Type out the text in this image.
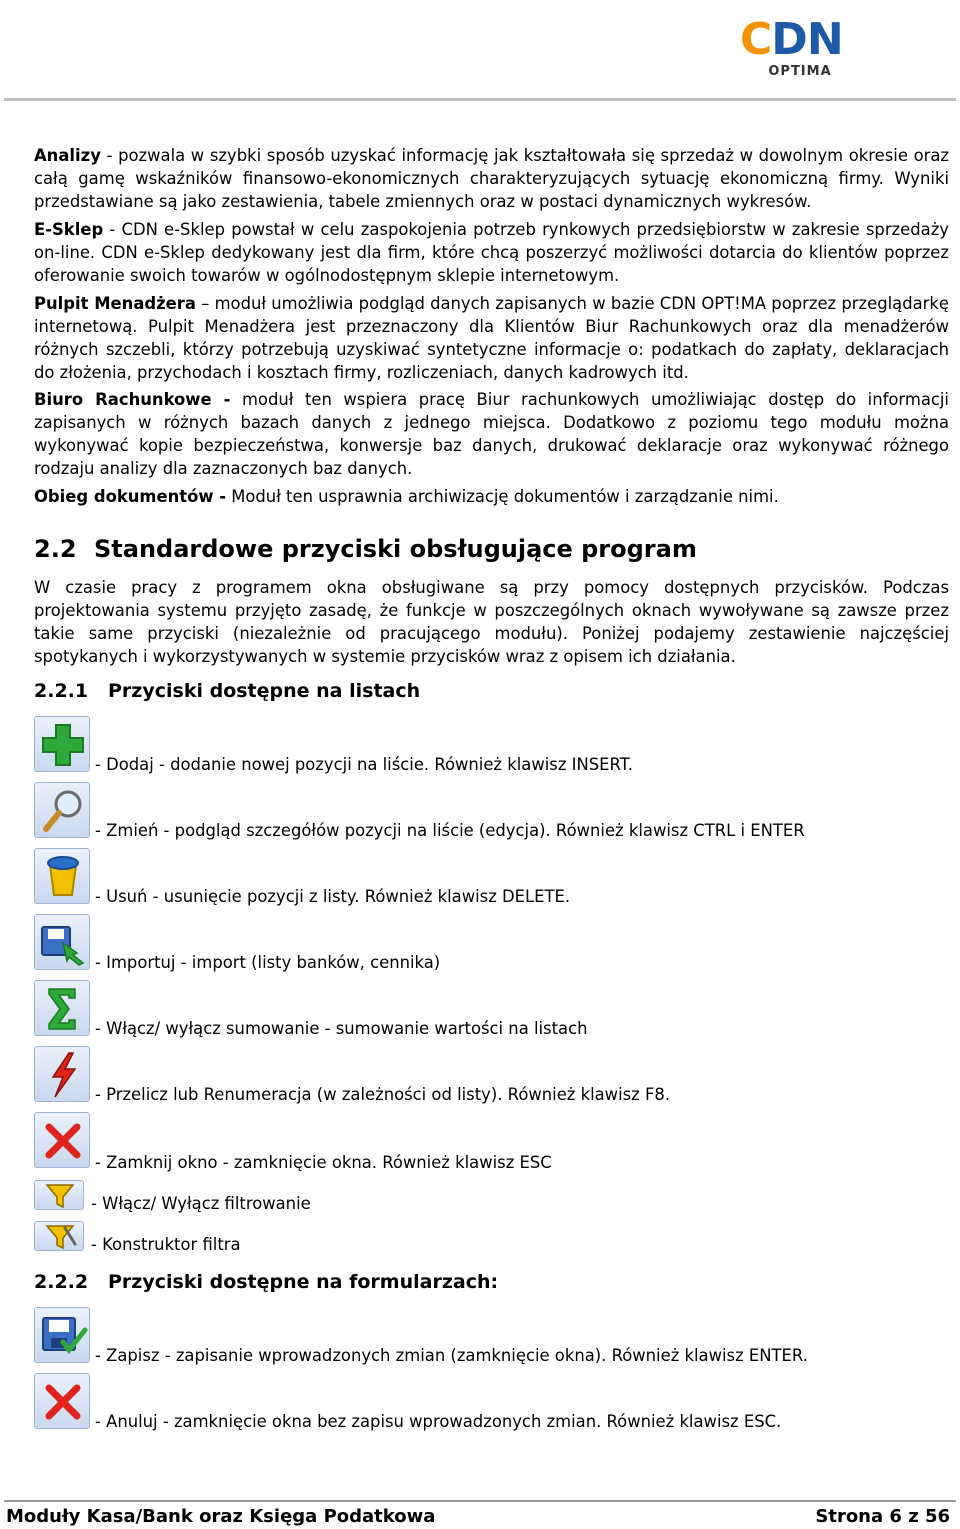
CDN
OPTIMA
Analizy - pozwala w szybki sposób uzyskać informację jak kształtowała się sprzedaż w dowolnym okresie oraz całą gamę wskaźników finansowo-ekonomicznych charakteryzujących sytuację ekonomiczną firmy. Wyniki przedstawiane są jako zestawienia, tabele zmiennych oraz w postaci dynamicznych wykresów.
E-Sklep - CDN e-Sklep powstał w celu zaspokojenia potrzeb rynkowych przedsiębiorstw w zakresie sprzedaży on-line. CDN e-Sklep dedykowany jest dla firm, które chcą poszerzyć możliwości dotarcia do klientów poprzez oferowanie swoich towarów w ogólnodostępnym sklepie internetowym.
Pulpit Menadżera – moduł umożliwia podgląd danych zapisanych w bazie CDN OPT!MA poprzez przeglądarkę internetową. Pulpit Menadżera jest przeznaczony dla Klientów Biur Rachunkowych oraz dla menadżerów różnych szczebli, którzy potrzebują uzyskiwać syntetyczne informacje o: podatkach do zapłaty, deklaracjach do złożenia, przychodach i kosztach firmy, rozliczeniach, danych kadrowych itd.
Biuro Rachunkowe - moduł ten wspiera pracę Biur rachunkowych umożliwiając dostęp do informacji zapisanych w różnych bazach danych z jednego miejsca. Dodatkowo z poziomu tego modułu można wykonywać kopie bezpieczeństwa, konwersje baz danych, drukować deklaracje oraz wykonywać różnego rodzaju analizy dla zaznaczonych baz danych.
Obieg dokumentów - Moduł ten usprawnia archiwizację dokumentów i zarządzanie nimi.
2.2 Standardowe przyciski obsługujące program
W czasie pracy z programem okna obsługiwane są przy pomocy dostępnych przycisków. Podczas projektowania systemu przyjęto zasadę, że funkcje w poszczególnych oknach wywoływane są zawsze przez takie same przyciski (niezależnie od pracującego modułu). Poniżej podajemy zestawienie najczęściej spotykanych i wykorzystywanych w systemie przycisków wraz z opisem ich działania.
2.2.1 Przyciski dostępne na listach
- Dodaj - dodanie nowej pozycji na liście. Również klawisz INSERT.
- Zmień - podgląd szczegółów pozycji na liście (edycja). Również klawisz CTRL i ENTER
- Usuń - usunięcie pozycji z listy. Również klawisz DELETE.
- Importuj - import (listy banków, cennika)
- Włącz/ wyłącz sumowanie - sumowanie wartości na listach
- Przelicz lub Renumeracja (w zależności od listy). Również klawisz F8.
- Zamknij okno - zamknięcie okna. Również klawisz ESC
- Włącz/ Wyłącz filtrowanie
- Konstruktor filtra
2.2.2 Przyciski dostępne na formularzach:
- Zapisz - zapisanie wprowadzonych zmian (zamknięcie okna). Również klawisz ENTER.
- Anuluj - zamknięcie okna bez zapisu wprowadzonych zmian. Również klawisz ESC.
Moduły Kasa/Bank oraz Księga Podatkowa	Strona 6 z 56
